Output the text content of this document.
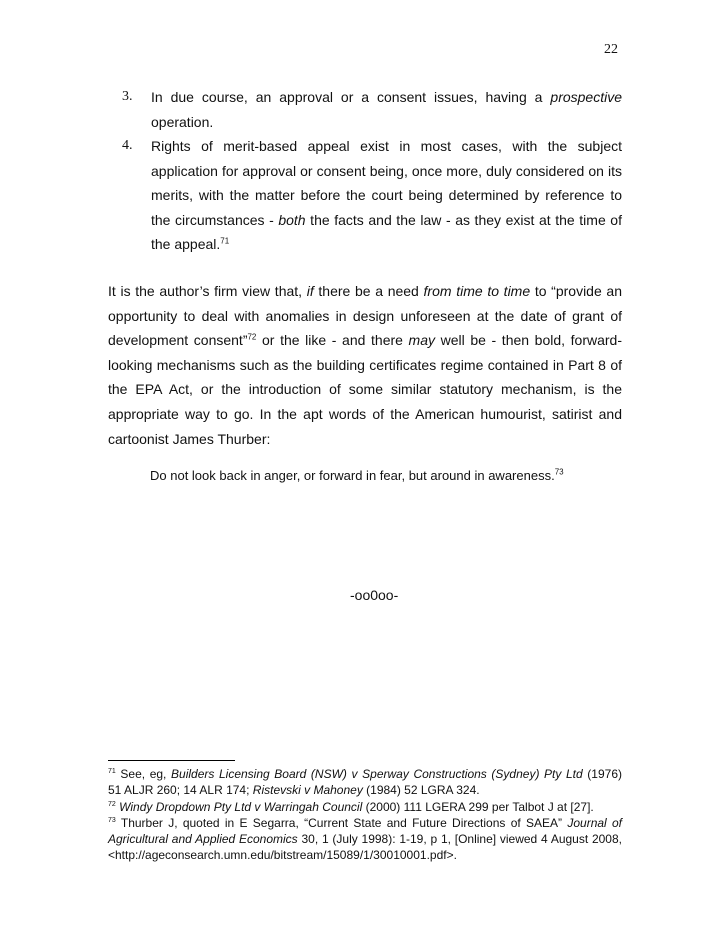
22
3.	In due course, an approval or a consent issues, having a prospective operation.
4.	Rights of merit-based appeal exist in most cases, with the subject application for approval or consent being, once more, duly considered on its merits, with the matter before the court being determined by reference to the circumstances - both the facts and the law - as they exist at the time of the appeal.$^{71}$

It is the author’s firm view that, if there be a need from time to time to “provide an opportunity to deal with anomalies in design unforeseen at the date of grant of development consent”$^{72}$ or the like - and there may well be - then bold, forward-looking mechanisms such as the building certificates regime contained in Part 8 of the EPA Act, or the introduction of some similar statutory mechanism, is the appropriate way to go. In the apt words of the American humourist, satirist and cartoonist James Thurber:

Do not look back in anger, or forward in fear, but around in awareness.$^{73}$
-oo0oo-

$^{71}$ See, eg, Builders Licensing Board (NSW) v Sperway Constructions (Sydney) Pty Ltd (1976) 51 ALJR 260; 14 ALR 174; Ristevski v Mahoney (1984) 52 LGRA 324.

$^{72}$ Windy Dropdown Pty Ltd v Warringah Council (2000) 111 LGERA 299 per Talbot J at [27].

$^{73}$ Thurber J, quoted in E Segarra, “Current State and Future Directions of SAEA” Journal of Agricultural and Applied Economics 30, 1 (July 1998): 1-19, p 1, [Online] viewed 4 August 2008, <http://ageconsearch.umn.edu/bitstream/15089/1/30010001.pdf>.
